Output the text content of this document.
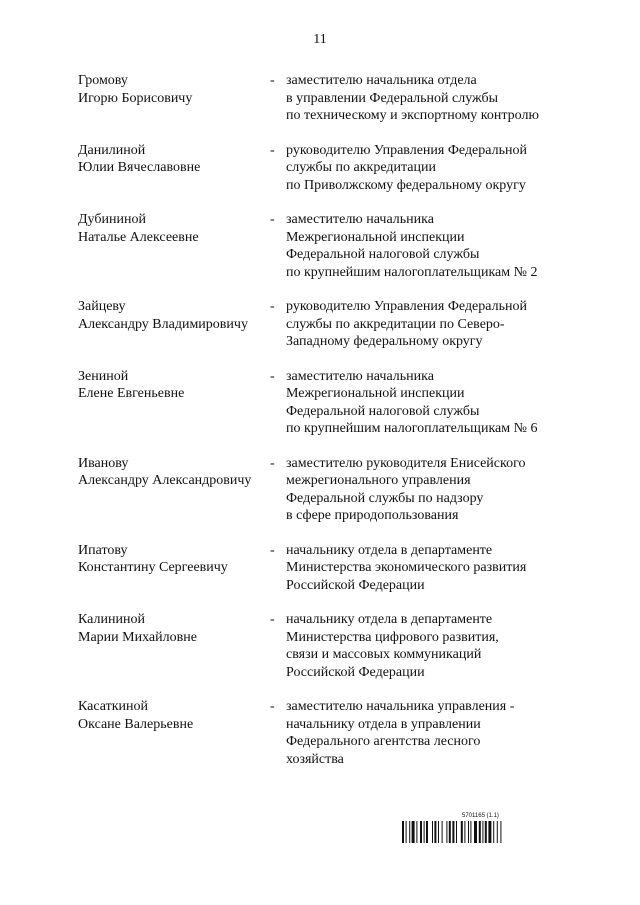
11
Громову
Игорю Борисовичу
- заместителю начальника отдела
в управлении Федеральной службы
по техническому и экспортному контролю
Данилиной
Юлии Вячеславовне
- руководителю Управления Федеральной
службы по аккредитации
по Приволжскому федеральному округу
Дубининой
Наталье Алексеевне
- заместителю начальника
Межрегиональной инспекции
Федеральной налоговой службы
по крупнейшим налогоплательщикам № 2
Зайцеву
Александру Владимировичу
- руководителю Управления Федеральной
службы по аккредитации по Северо-
Западному федеральному округу
Зениной
Елене Евгеньевне
- заместителю начальника
Межрегиональной инспекции
Федеральной налоговой службы
по крупнейшим налогоплательщикам № 6
Иванову
Александру Александровичу
- заместителю руководителя Енисейского
межрегионального управления
Федеральной службы по надзору
в сфере природопользования
Ипатову
Константину Сергеевичу
- начальнику отдела в департаменте
Министерства экономического развития
Российской Федерации
Калининой
Марии Михайловне
- начальнику отдела в департаменте
Министерства цифрового развития,
связи и массовых коммуникаций
Российской Федерации
Касаткиной
Оксане Валерьевне
- заместителю начальника управления -
начальнику отдела в управлении
Федерального агентства лесного
хозяйства
5701165 (1.1)
